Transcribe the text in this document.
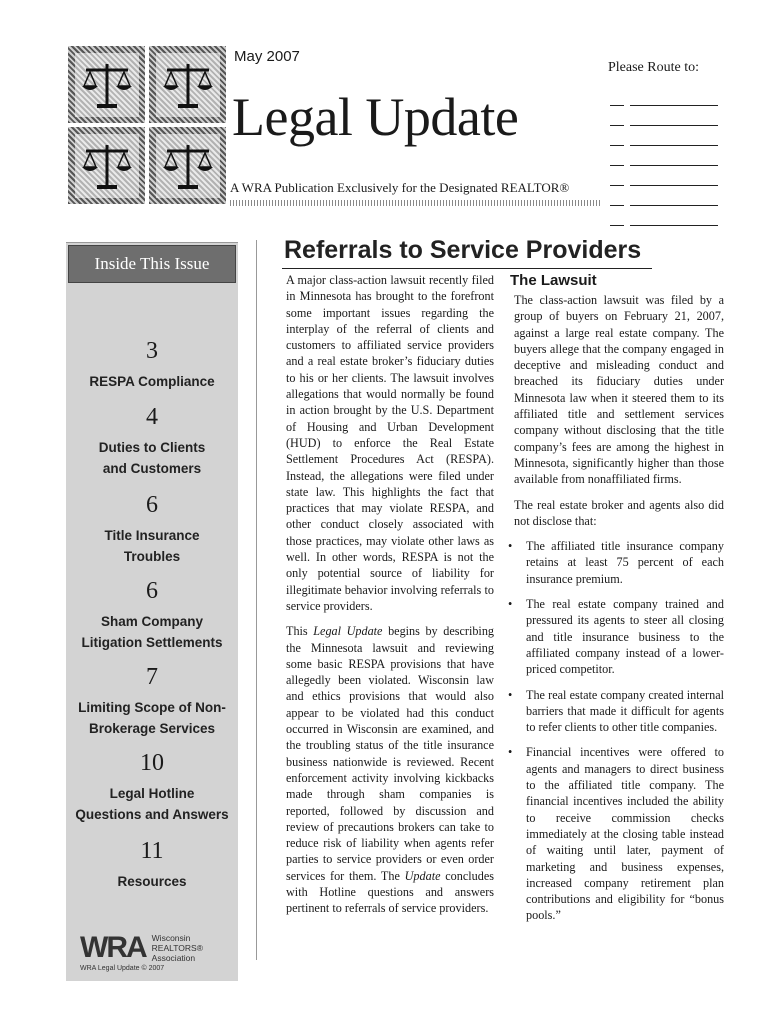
May 2007
Legal Update
A WRA Publication Exclusively for the Designated REALTOR®
Please Route to:
Inside This Issue
3
RESPA Compliance
4
Duties to Clients
and Customers
6
Title Insurance
Troubles
6
Sham Company
Litigation Settlements
7
Limiting Scope of Non-
Brokerage Services
10
Legal Hotline
Questions and Answers
11
Resources
WRA Wisconsin
REALTORS®
Association
WRA Legal Update © 2007
Referrals to Service Providers

A major class-action lawsuit recently filed in Minnesota has brought to the forefront some important issues regarding the interplay of the referral of clients and customers to affiliated service providers and a real estate broker’s fiduciary duties to his or her clients. The lawsuit involves allegations that would normally be found in action brought by the U.S. Department of Housing and Urban Development (HUD) to enforce the Real Estate Settlement Procedures Act (RESPA). Instead, the allegations were filed under state law. This highlights the fact that practices that may violate RESPA, and other conduct closely associated with those practices, may violate other laws as well. In other words, RESPA is not the only potential source of liability for illegitimate behavior involving referrals to service providers.

This Legal Update begins by describing the Minnesota lawsuit and reviewing some basic RESPA provisions that have allegedly been violated. Wisconsin law and ethics provisions that would also appear to be violated had this conduct occurred in Wisconsin are examined, and the troubling status of the title insurance business nationwide is reviewed. Recent enforcement activity involving kickbacks made through sham companies is reported, followed by discussion and review of precautions brokers can take to reduce risk of liability when agents refer parties to service providers or even order services for them. The Update concludes with Hotline questions and answers pertinent to referrals of service providers.

The Lawsuit

The class-action lawsuit was filed by a group of buyers on February 21, 2007, against a large real estate company. The buyers allege that the company engaged in deceptive and misleading conduct and breached its fiduciary duties under Minnesota law when it steered them to its affiliated title and settlement services company without disclosing that the title company’s fees are among the highest in Minnesota, significantly higher than those available from nonaffiliated firms.

The real estate broker and agents also did not disclose that:

• The affiliated title insurance company retains at least 75 percent of each insurance premium.
• The real estate company trained and pressured its agents to steer all closing and title insurance business to the affiliated company instead of a lower-priced competitor.
• The real estate company created internal barriers that made it difficult for agents to refer clients to other title companies.
• Financial incentives were offered to agents and managers to direct business to the affiliated title company. The financial incentives included the ability to receive commission checks immediately at the closing table instead of waiting until later, payment of marketing and business expenses, increased company retirement plan contributions and eligibility for “bonus pools.”
